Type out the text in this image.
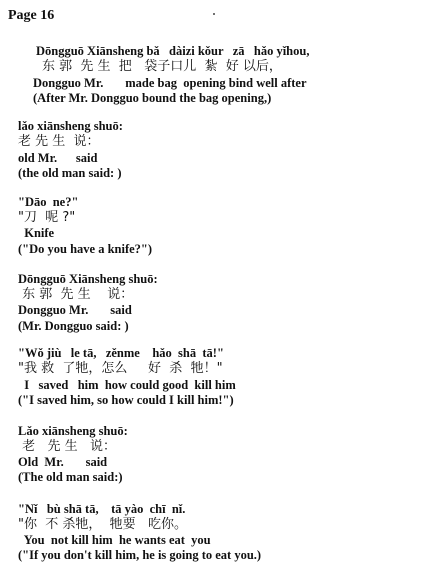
Page 16
Dōngguō Xiānsheng bǎ   dàizi kǒur   zā   hǎo yǐhou,
东 郭  先 生  把   袋子口儿  紮  好 以后，
Dongguo Mr.       made bag  opening bind well after
(After Mr. Dongguo bound the bag opening,)
lǎo xiānsheng shuō:
老 先 生  说：
old Mr.      said
(the old man said: )
"Dāo  ne?"
"刀  呢 ?"
Knife
("Do you have a knife?")
Dōngguō Xiānsheng shuō:
东 郭  先 生    说：
Dongguo Mr.       said
(Mr. Dongguo said: )
"Wǒ jiù   le tā,   zěnme    hǎo  shā  tā!"
"我 救  了牠，怎么     好  杀  牠！"
I   saved   him  how could good  kill him
("I saved him, so how could I kill him!")
Lǎo xiānsheng shuō:
老   先 生   说：
Old  Mr.       said
(The old man said:)
"Nǐ   bù shā tā,    tā yào  chī  nǐ.
"你  不 杀牠，  牠要   吃你。
You  not kill him  he wants eat  you
("If you don't kill him, he is going to eat you.)
